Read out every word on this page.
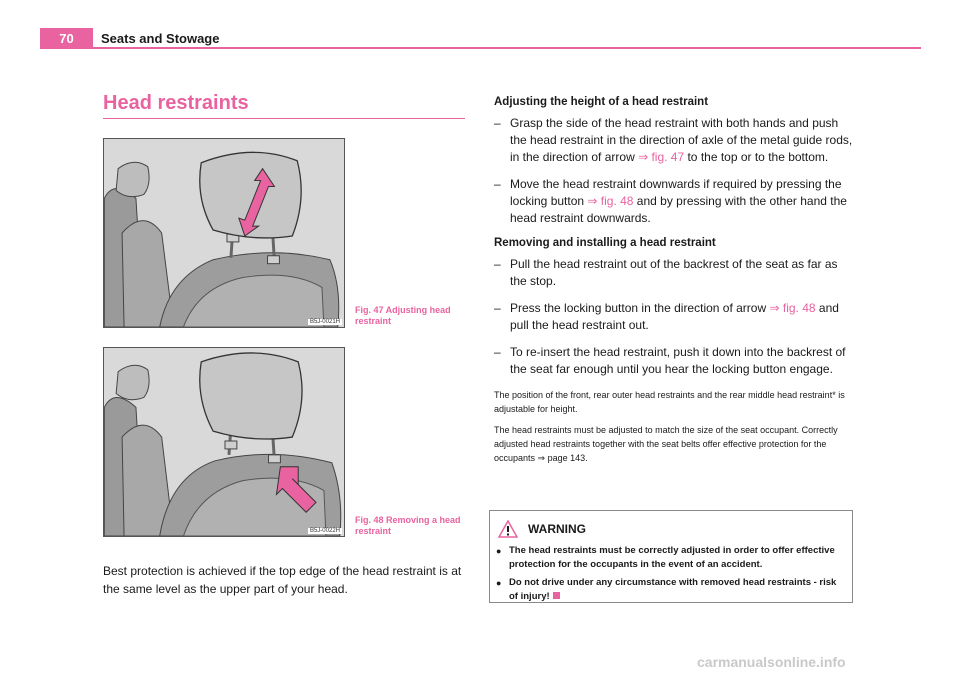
70	Seats and Stowage
Head restraints
B5J-0021H
Fig. 47 Adjusting head restraint
B5J-0022H
Fig. 48 Removing a head restraint

Best protection is achieved if the top edge of the head restraint is at the same level as the upper part of your head.

Adjusting the height of a head restraint
– Grasp the side of the head restraint with both hands and push the head restraint in the direction of axle of the metal guide rods, in the direction of arrow ⇒ fig. 47 to the top or to the bottom.
– Move the head restraint downwards if required by pressing the locking button ⇒ fig. 48 and by pressing with the other hand the head restraint downwards.
Removing and installing a head restraint
– Pull the head restraint out of the backrest of the seat as far as the stop.
– Press the locking button in the direction of arrow ⇒ fig. 48 and pull the head restraint out.
– To re-insert the head restraint, push it down into the backrest of the seat far enough until you hear the locking button engage.

The position of the front, rear outer head restraints and the rear middle head restraint* is adjustable for height.

The head restraints must be adjusted to match the size of the seat occupant. Correctly adjusted head restraints together with the seat belts offer effective protection for the occupants ⇒ page 143.

WARNING
● The head restraints must be correctly adjusted in order to offer effective protection for the occupants in the event of an accident.
● Do not drive under any circumstance with removed head restraints - risk of injury!
carmanualsonline.info
